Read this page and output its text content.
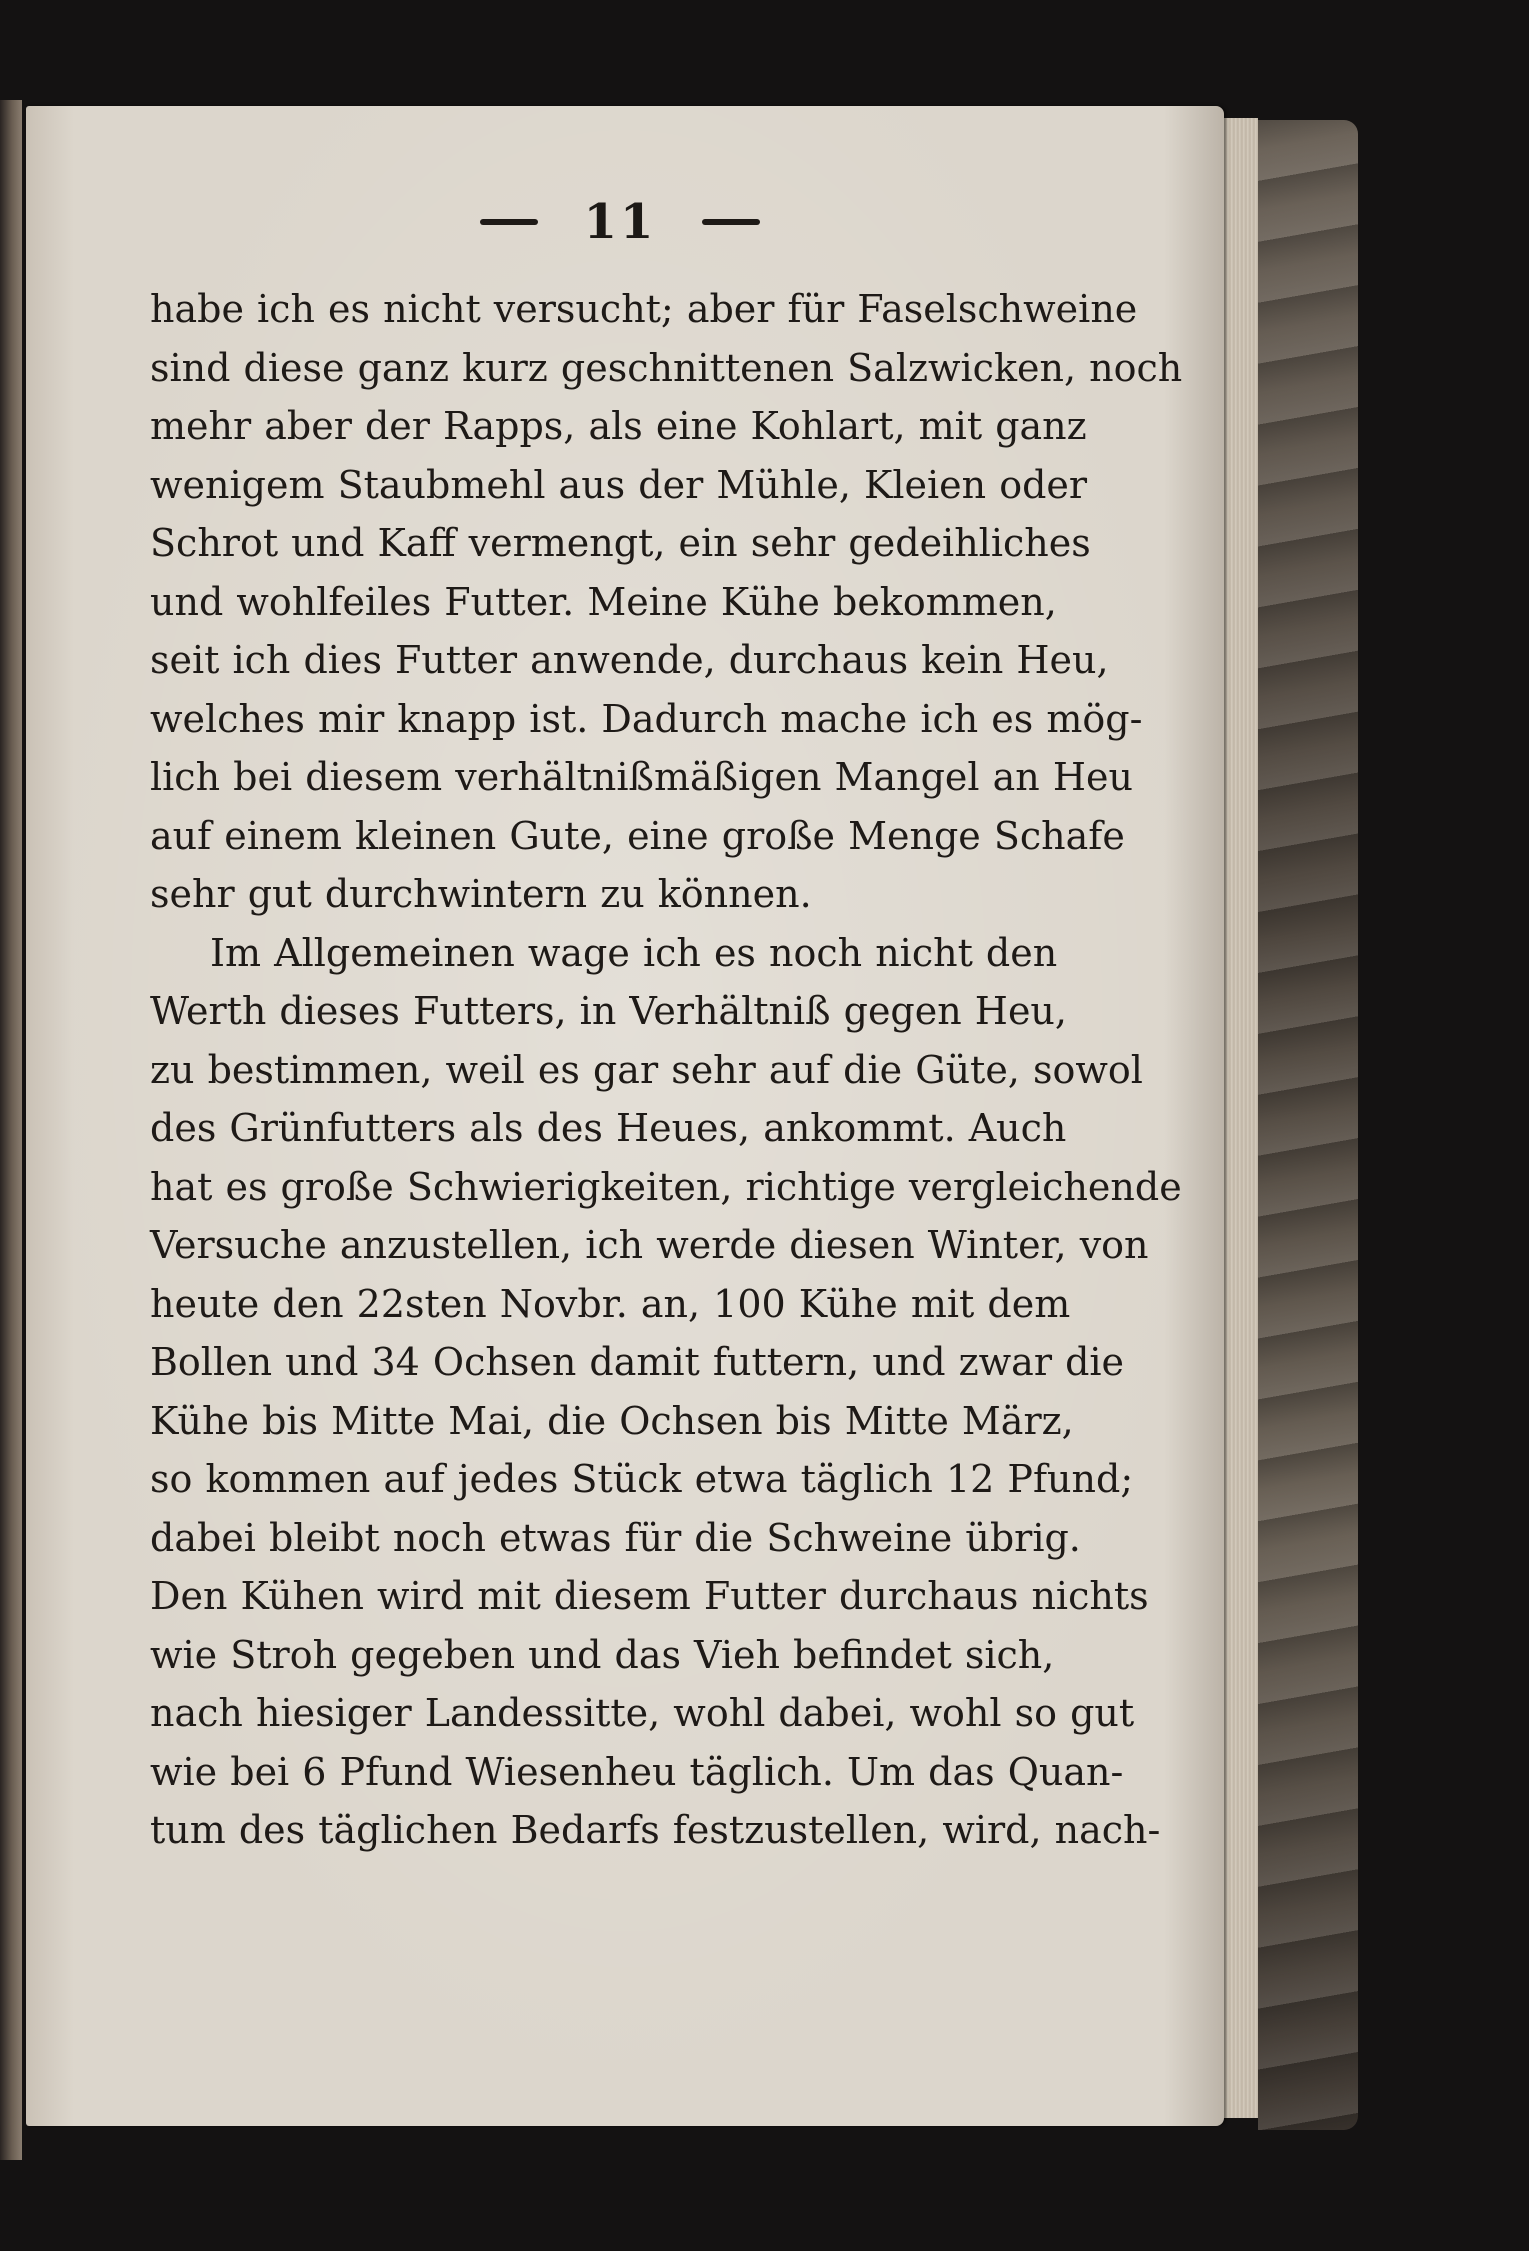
11
habe ich es nicht versucht; aber für Faselschweine
sind diese ganz kurz geschnittenen Salzwicken, noch
mehr aber der Rapps, als eine Kohlart, mit ganz
wenigem Staubmehl aus der Mühle, Kleien oder
Schrot und Kaff vermengt, ein sehr gedeihliches
und wohlfeiles Futter. Meine Kühe bekommen,
seit ich dies Futter anwende, durchaus kein Heu,
welches mir knapp ist. Dadurch mache ich es mög-
lich bei diesem verhältnißmäßigen Mangel an Heu
auf einem kleinen Gute, eine große Menge Schafe
sehr gut durchwintern zu können.
Im Allgemeinen wage ich es noch nicht den
Werth dieses Futters, in Verhältniß gegen Heu,
zu bestimmen, weil es gar sehr auf die Güte, sowol
des Grünfutters als des Heues, ankommt. Auch
hat es große Schwierigkeiten, richtige vergleichende
Versuche anzustellen, ich werde diesen Winter, von
heute den 22sten Novbr. an, 100 Kühe mit dem
Bollen und 34 Ochsen damit futtern, und zwar die
Kühe bis Mitte Mai, die Ochsen bis Mitte März,
so kommen auf jedes Stück etwa täglich 12 Pfund;
dabei bleibt noch etwas für die Schweine übrig.
Den Kühen wird mit diesem Futter durchaus nichts
wie Stroh gegeben und das Vieh befindet sich,
nach hiesiger Landessitte, wohl dabei, wohl so gut
wie bei 6 Pfund Wiesenheu täglich. Um das Quan-
tum des täglichen Bedarfs festzustellen, wird, nach-
